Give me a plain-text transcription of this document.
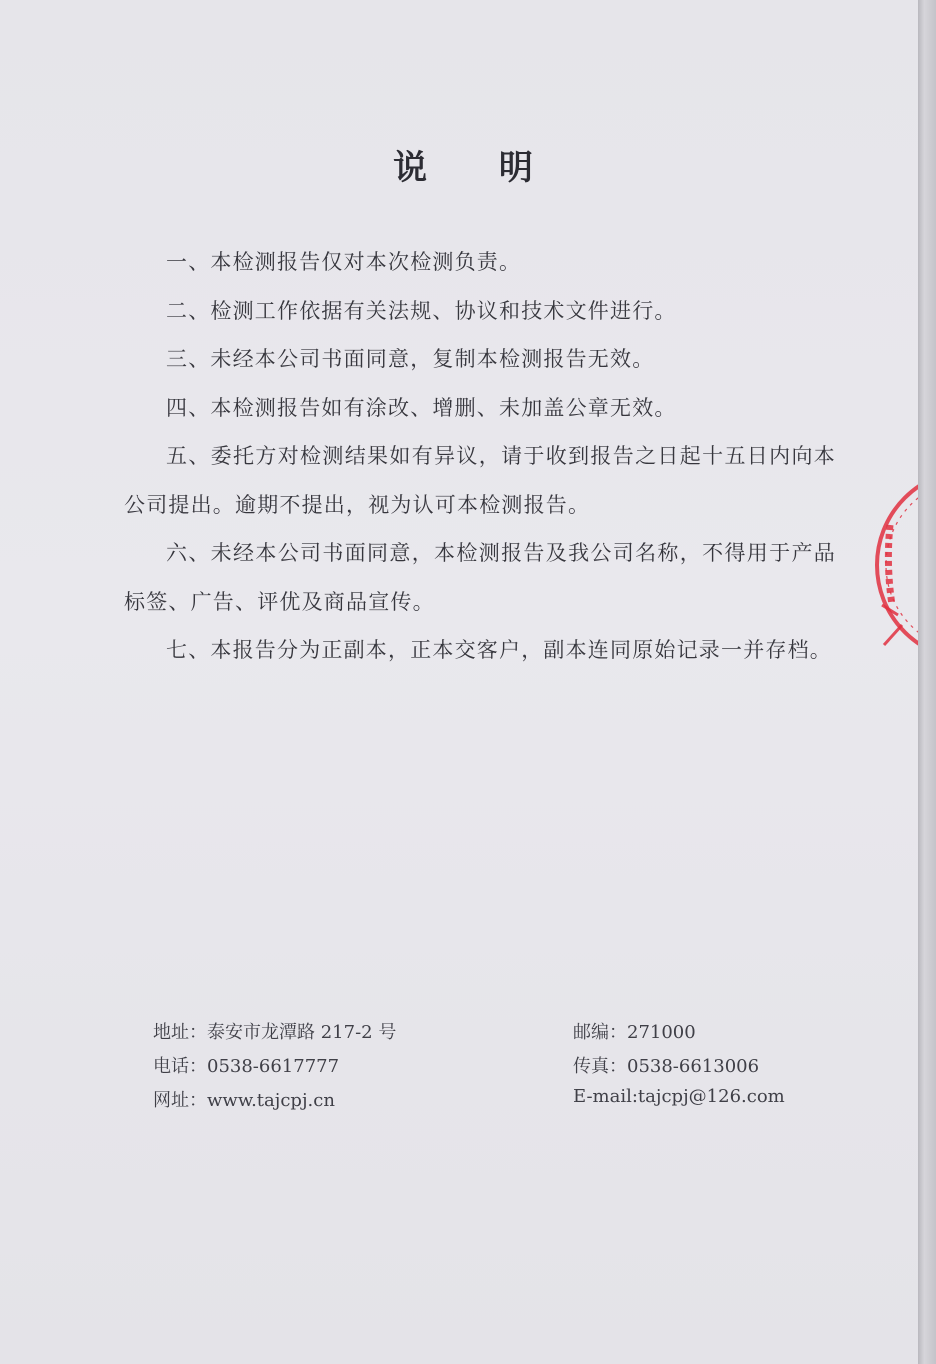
说 明

一、本检测报告仅对本次检测负责。

二、检测工作依据有关法规、协议和技术文件进行。

三、未经本公司书面同意，复制本检测报告无效。

四、本检测报告如有涂改、增删、未加盖公章无效。

五、委托方对检测结果如有异议，请于收到报告之日起十五日内向本公司提出。逾期不提出，视为认可本检测报告。

六、未经本公司书面同意，本检测报告及我公司名称，不得用于产品标签、广告、评优及商品宣传。

七、本报告分为正副本，正本交客户，副本连同原始记录一并存档。

地址：泰安市龙潭路 217-2 号	邮编：271000
电话：0538-6617777	传真：0538-6613006
网址：www.tajcpj.cn	E-mail:tajcpj@126.com
